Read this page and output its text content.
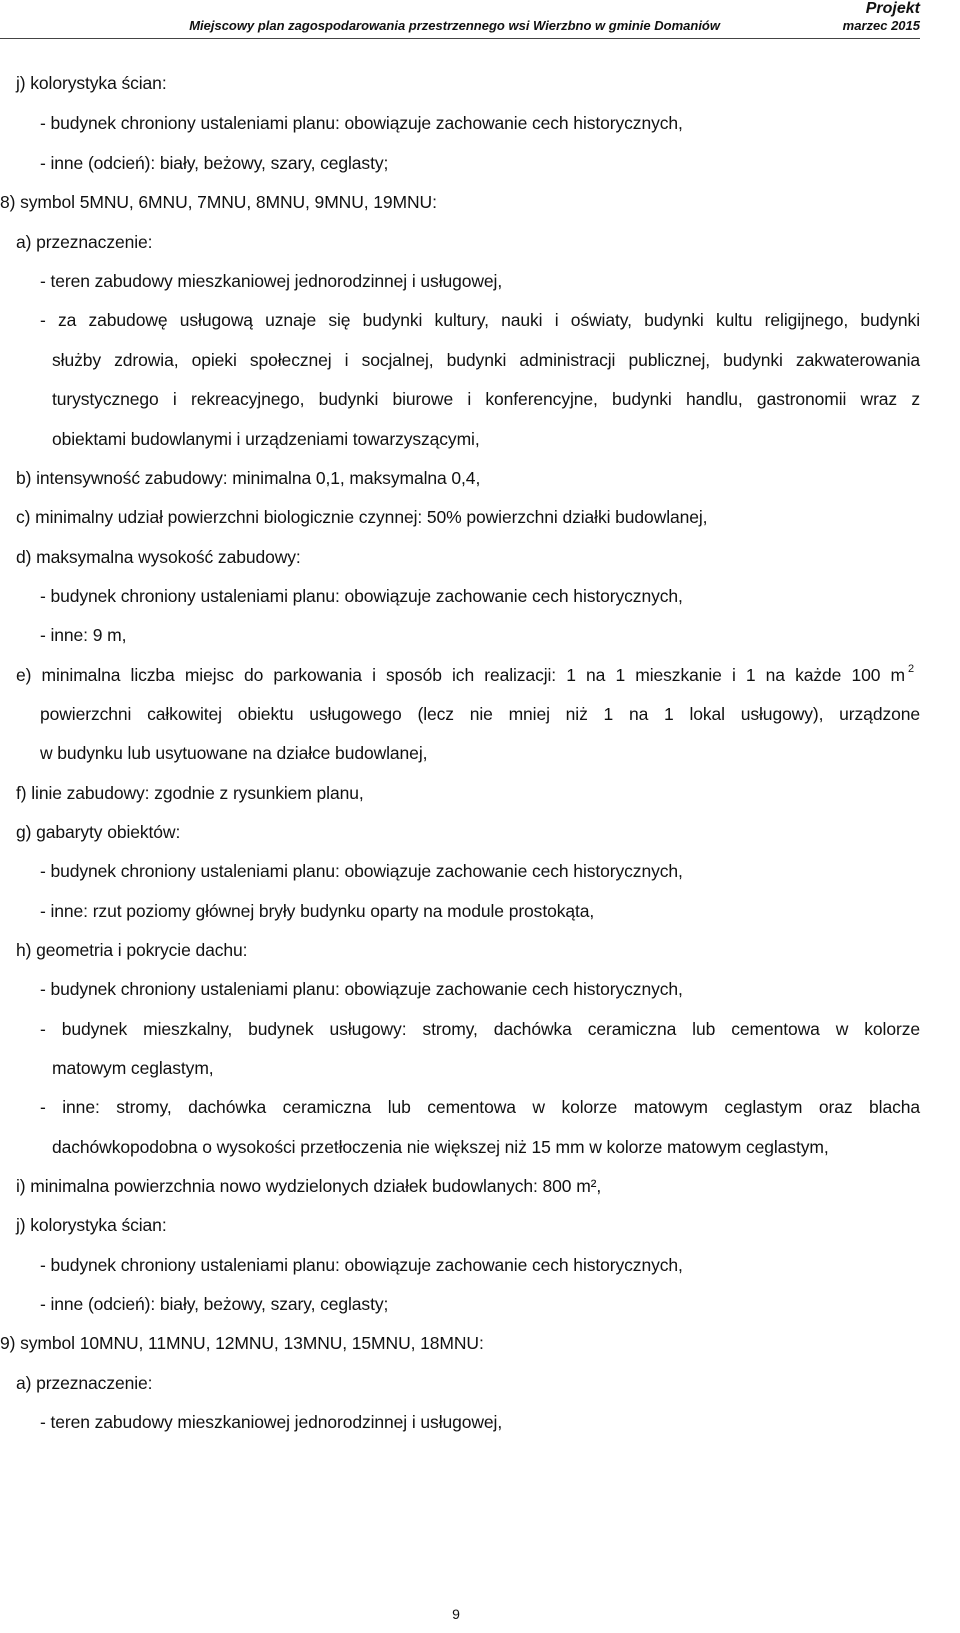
Projekt
Miejscowy plan zagospodarowania przestrzennego wsi Wierzbno w gminie Domaniów	marzec 2015
j) kolorystyka ścian:
- budynek chroniony ustaleniami planu: obowiązuje zachowanie cech historycznych,
- inne (odcień): biały, beżowy, szary, ceglasty;
8) symbol 5MNU, 6MNU, 7MNU, 8MNU, 9MNU, 19MNU:
a) przeznaczenie:
- teren zabudowy mieszkaniowej jednorodzinnej i usługowej,
- za zabudowę usługową uznaje się budynki kultury, nauki i oświaty, budynki kultu religijnego, budynki
służby zdrowia, opieki społecznej i socjalnej, budynki administracji publicznej, budynki zakwaterowania
turystycznego i rekreacyjnego, budynki biurowe i konferencyjne, budynki handlu, gastronomii wraz z
obiektami budowlanymi i urządzeniami towarzyszącymi,
b) intensywność zabudowy: minimalna 0,1, maksymalna 0,4,
c) minimalny udział powierzchni biologicznie czynnej: 50% powierzchni działki budowlanej,
d) maksymalna wysokość zabudowy:
- budynek chroniony ustaleniami planu: obowiązuje zachowanie cech historycznych,
- inne: 9 m,
e) minimalna liczba miejsc do parkowania i sposób ich realizacji: 1 na 1 mieszkanie i 1 na każde 100 m 2
powierzchni całkowitej obiektu usługowego (lecz nie mniej niż 1 na 1 lokal usługowy), urządzone
w budynku lub usytuowane na działce budowlanej,
f) linie zabudowy: zgodnie z rysunkiem planu,
g) gabaryty obiektów:
- budynek chroniony ustaleniami planu: obowiązuje zachowanie cech historycznych,
- inne: rzut poziomy głównej bryły budynku oparty na module prostokąta,
h) geometria i pokrycie dachu:
- budynek chroniony ustaleniami planu: obowiązuje zachowanie cech historycznych,
- budynek mieszkalny, budynek usługowy: stromy, dachówka ceramiczna lub cementowa w kolorze
matowym ceglastym,
- inne: stromy, dachówka ceramiczna lub cementowa w kolorze matowym ceglastym oraz blacha
dachówkopodobna o wysokości przetłoczenia nie większej niż 15 mm w kolorze matowym ceglastym,
i) minimalna powierzchnia nowo wydzielonych działek budowlanych: 800 m²,
j) kolorystyka ścian:
- budynek chroniony ustaleniami planu: obowiązuje zachowanie cech historycznych,
- inne (odcień): biały, beżowy, szary, ceglasty;
9) symbol 10MNU, 11MNU, 12MNU, 13MNU, 15MNU, 18MNU:
a) przeznaczenie:
- teren zabudowy mieszkaniowej jednorodzinnej i usługowej,
9
